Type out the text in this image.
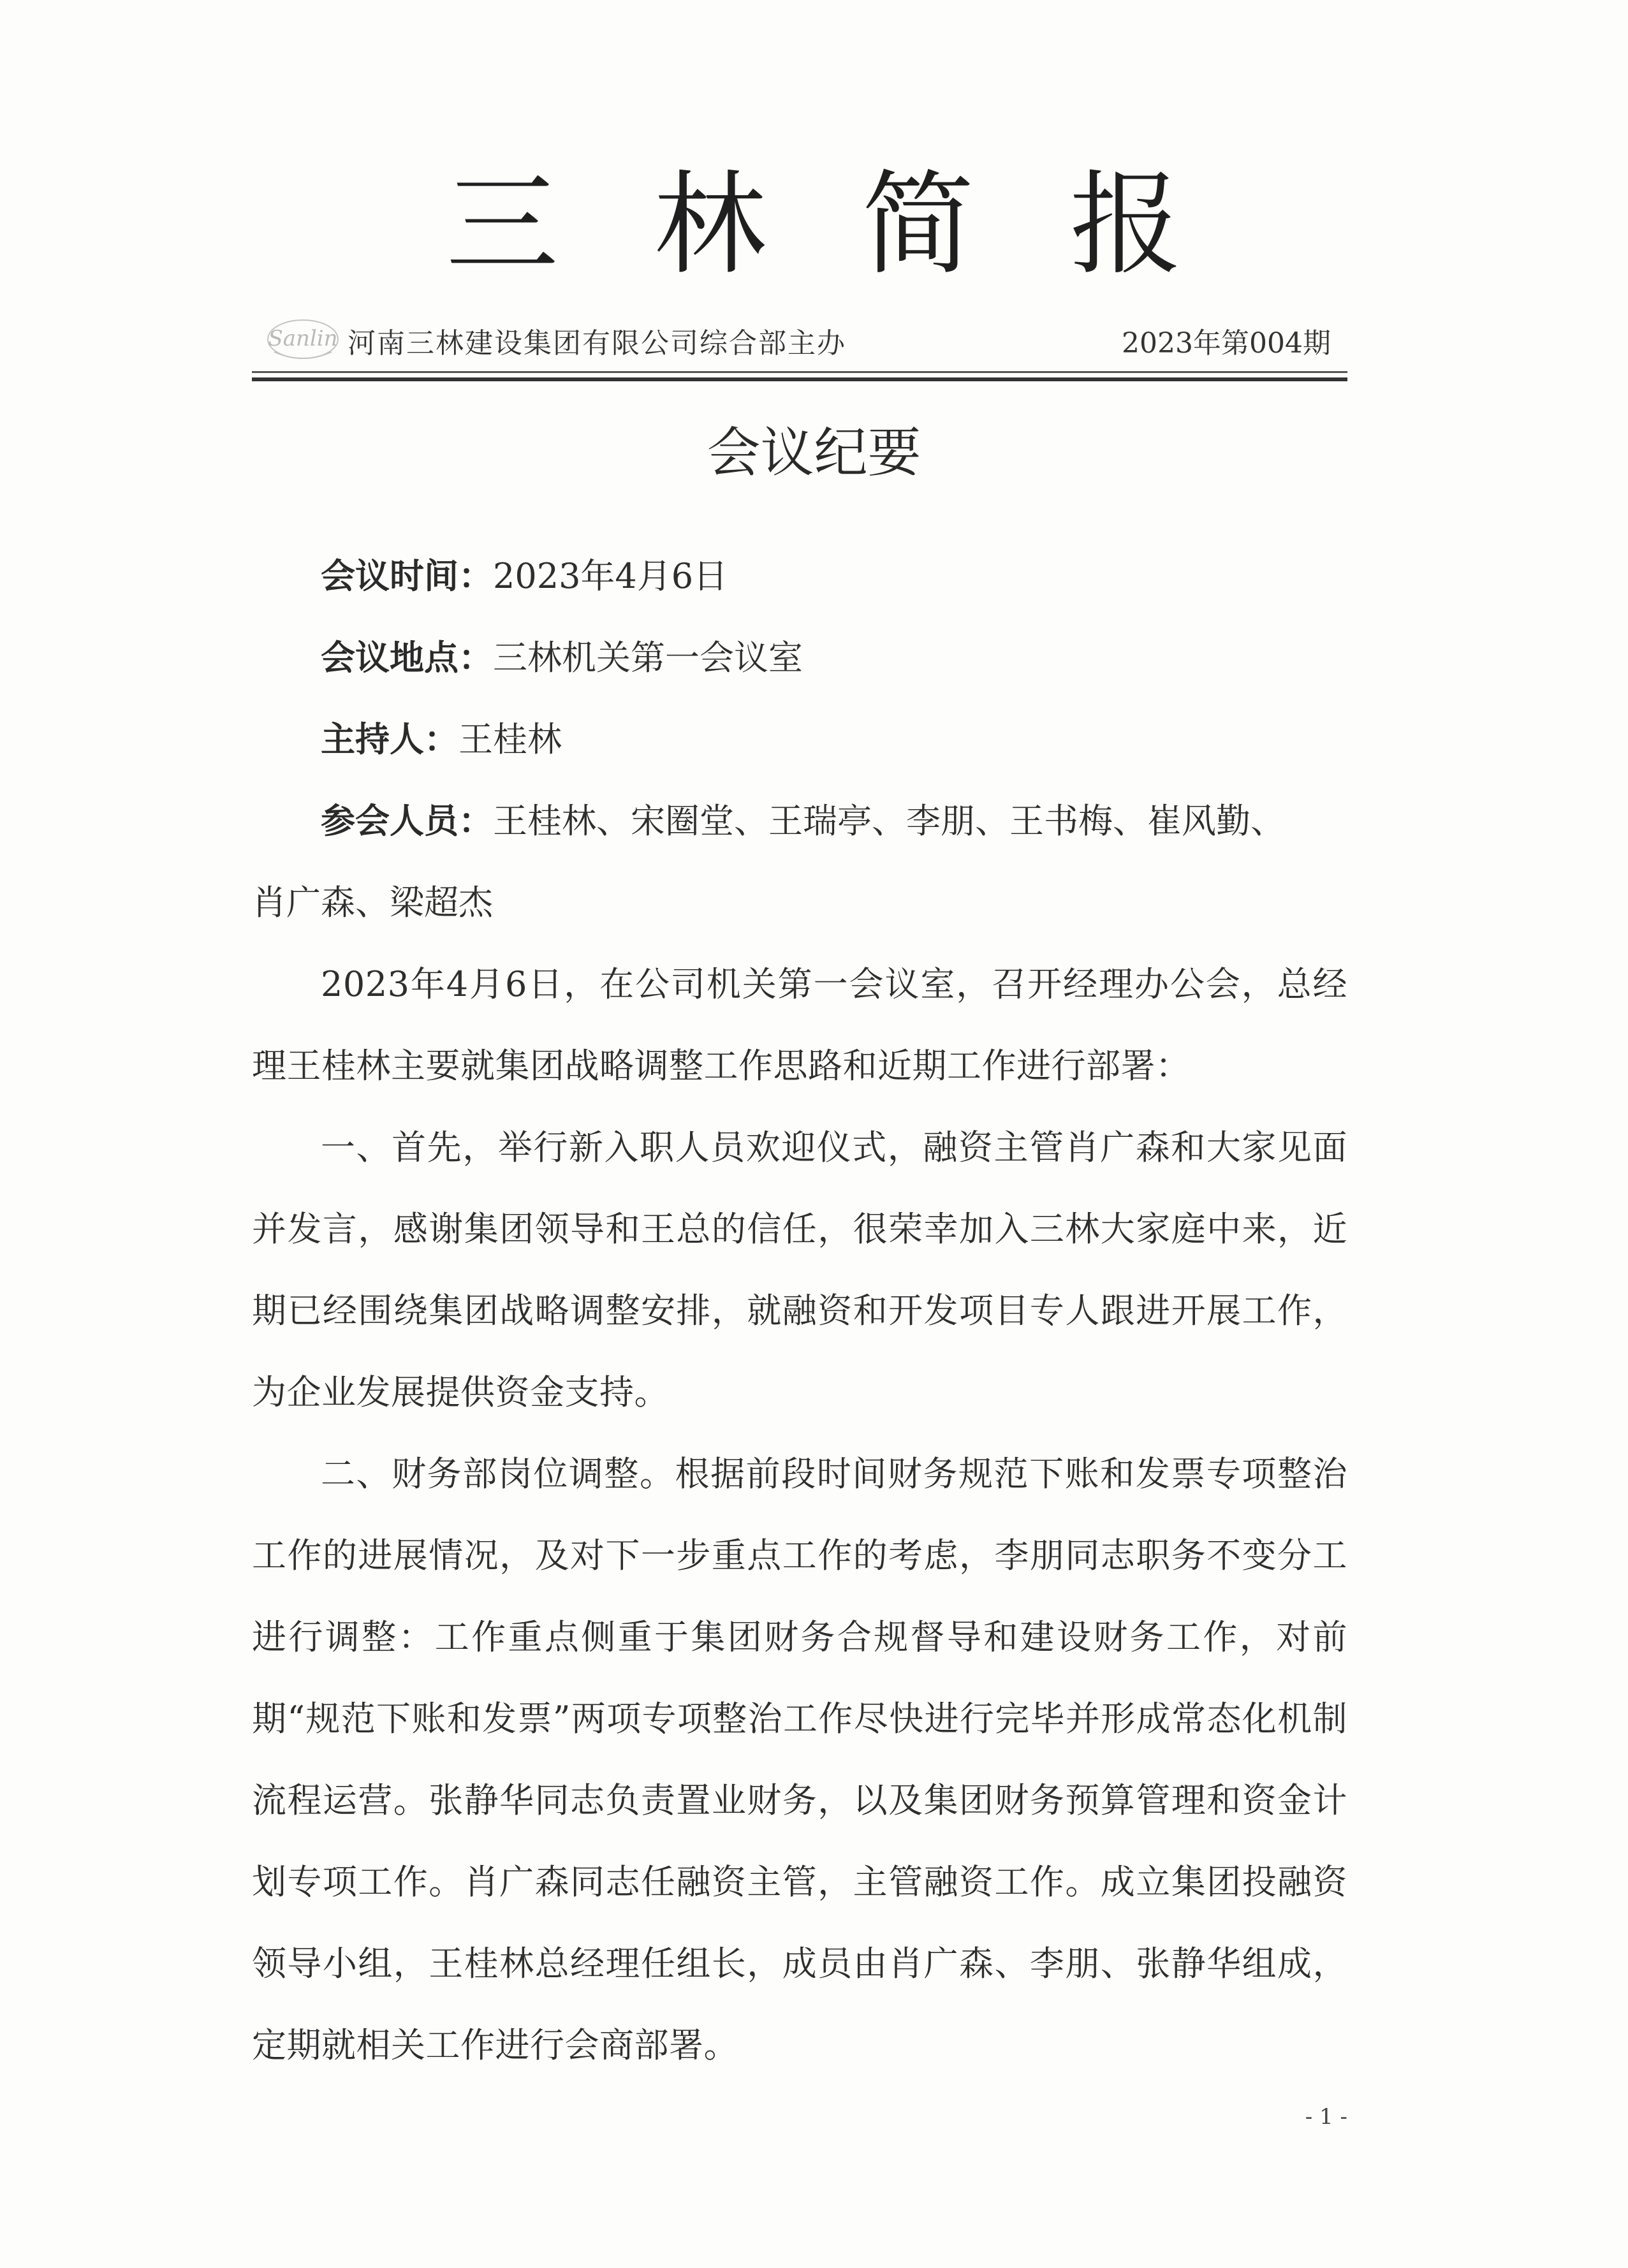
三林简报
Sanlin 河南三林建设集团有限公司综合部主办	2023年第004期
会议纪要
会议时间：2023年4月6日
会议地点：三林机关第一会议室
主持人：王桂林
参会人员：王桂林、宋圈堂、王瑞亭、李朋、王书梅、崔风勤、
肖广森、梁超杰

2023年4月6日，在公司机关第一会议室，召开经理办公会，总经理王桂林主要就集团战略调整工作思路和近期工作进行部署：

一、首先，举行新入职人员欢迎仪式，融资主管肖广森和大家见面并发言，感谢集团领导和王总的信任，很荣幸加入三林大家庭中来，近期已经围绕集团战略调整安排，就融资和开发项目专人跟进开展工作，为企业发展提供资金支持。

二、财务部岗位调整。根据前段时间财务规范下账和发票专项整治工作的进展情况，及对下一步重点工作的考虑，李朋同志职务不变分工进行调整：工作重点侧重于集团财务合规督导和建设财务工作，对前期“规范下账和发票”两项专项整治工作尽快进行完毕并形成常态化机制流程运营。张静华同志负责置业财务，以及集团财务预算管理和资金计划专项工作。肖广森同志任融资主管，主管融资工作。成立集团投融资领导小组，王桂林总经理任组长，成员由肖广森、李朋、张静华组成，定期就相关工作进行会商部署。

- 1 -
